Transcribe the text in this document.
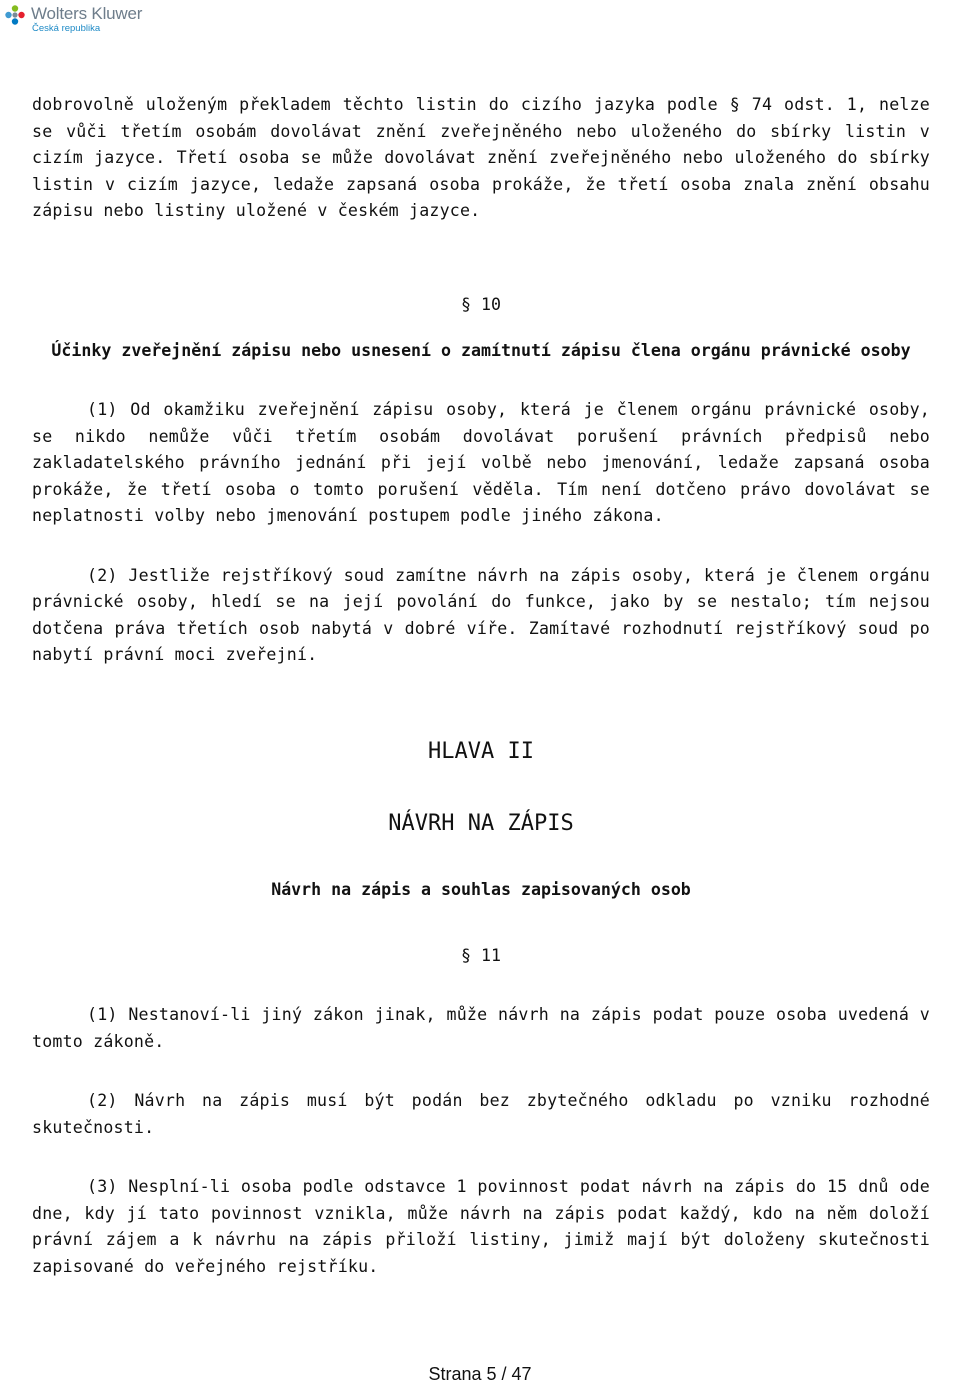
Wolters Kluwer
Česká republika

dobrovolně uloženým překladem těchto listin do cizího jazyka podle § 74 odst. 1, nelze se vůči třetím osobám dovolávat znění zveřejněného nebo uloženého do sbírky listin v cizím jazyce. Třetí osoba se může dovolávat znění zveřejněného nebo uloženého do sbírky listin v cizím jazyce, ledaže zapsaná osoba prokáže, že třetí osoba znala znění obsahu zápisu nebo listiny uložené v českém jazyce.

§ 10

Účinky zveřejnění zápisu nebo usnesení o zamítnutí zápisu člena orgánu právnické osoby

(1) Od okamžiku zveřejnění zápisu osoby, která je členem orgánu právnické osoby, se nikdo nemůže vůči třetím osobám dovolávat porušení právních předpisů nebo zakladatelského právního jednání při její volbě nebo jmenování, ledaže zapsaná osoba prokáže, že třetí osoba o tomto porušení věděla. Tím není dotčeno právo dovolávat se neplatnosti volby nebo jmenování postupem podle jiného zákona.

(2) Jestliže rejstříkový soud zamítne návrh na zápis osoby, která je členem orgánu právnické osoby, hledí se na její povolání do funkce, jako by se nestalo; tím nejsou dotčena práva třetích osob nabytá v dobré víře. Zamítavé rozhodnutí rejstříkový soud po nabytí právní moci zveřejní.

HLAVA II

NÁVRH NA ZÁPIS

Návrh na zápis a souhlas zapisovaných osob

§ 11

(1) Nestanoví-li jiný zákon jinak, může návrh na zápis podat pouze osoba uvedená v tomto zákoně.

(2) Návrh na zápis musí být podán bez zbytečného odkladu po vzniku rozhodné skutečnosti.

(3) Nesplní-li osoba podle odstavce 1 povinnost podat návrh na zápis do 15 dnů ode dne, kdy jí tato povinnost vznikla, může návrh na zápis podat každý, kdo na něm doloží právní zájem a k návrhu na zápis přiloží listiny, jimiž mají být doloženy skutečnosti zapisované do veřejného rejstříku.

Strana 5 / 47
